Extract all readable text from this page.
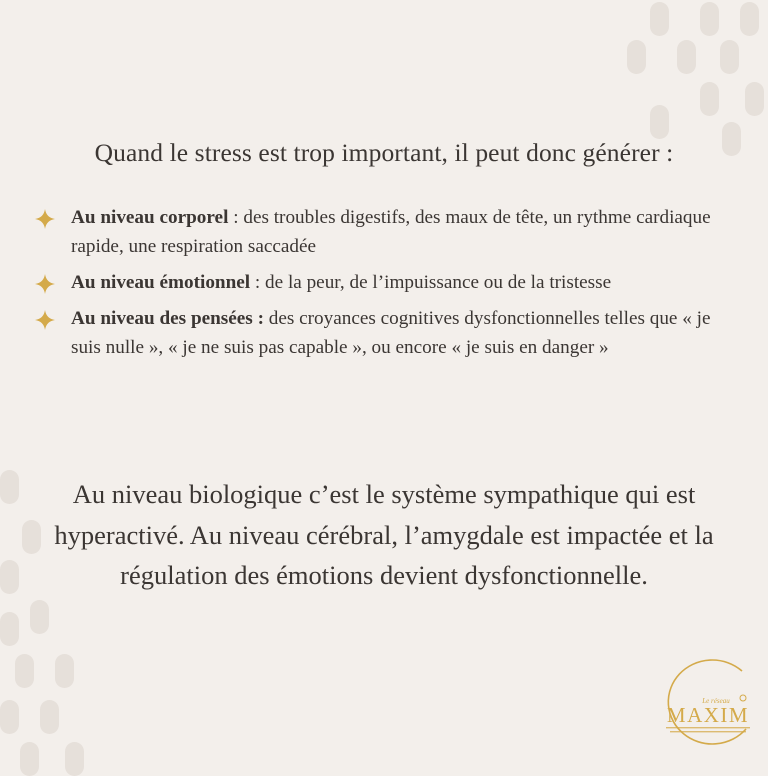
Quand le stress est trop important, il peut donc générer :
Au niveau corporel : des troubles digestifs, des maux de tête, un rythme cardiaque rapide, une respiration saccadée
Au niveau émotionnel : de la peur, de l’impuissance ou de la tristesse
Au niveau des pensées : des croyances cognitives dysfonctionnelles telles que « je suis nulle », « je ne suis pas capable », ou encore « je suis en danger »

Au niveau biologique c’est le système sympathique qui est hyperactivé. Au niveau cérébral, l’amygdale est impactée et la régulation des émotions devient dysfonctionnelle.

Le réseau
MAXIM
